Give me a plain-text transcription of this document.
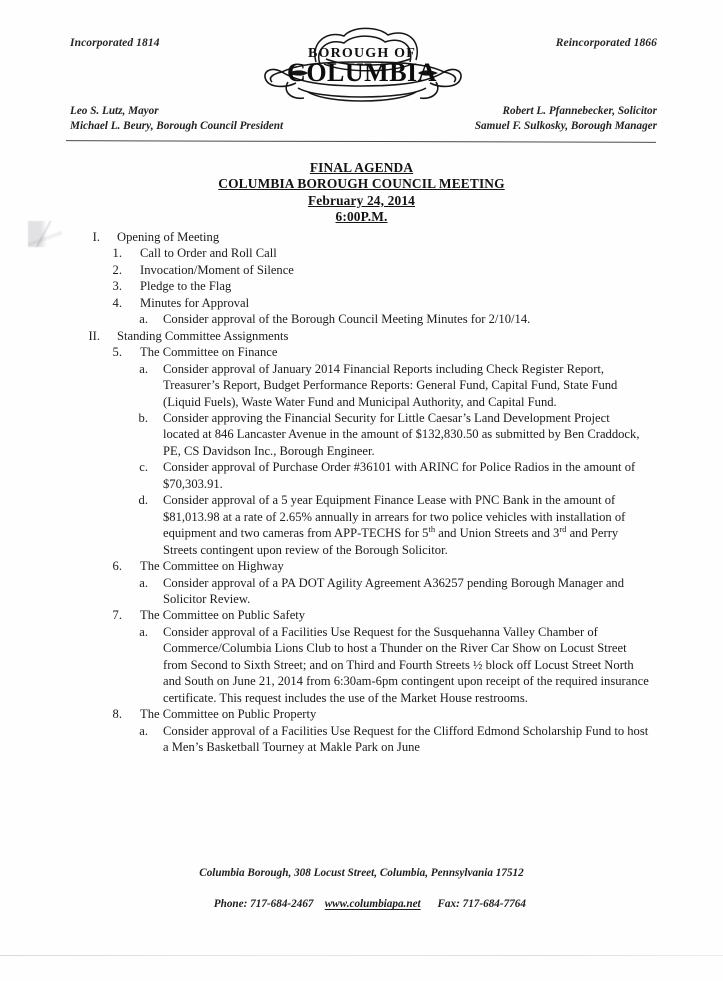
Incorporated 1814	Reincorporated 1866
BOROUGH OF
COLUMBIA
Leo S. Lutz, Mayor
Michael L. Beury, Borough Council President
Robert L. Pfannebecker, Solicitor
Samuel F. Sulkosky, Borough Manager
FINAL AGENDA
COLUMBIA BOROUGH COUNCIL MEETING
February 24, 2014
6:00P.M.
I. Opening of Meeting
1. Call to Order and Roll Call
2. Invocation/Moment of Silence
3. Pledge to the Flag
4. Minutes for Approval
a. Consider approval of the Borough Council Meeting Minutes for 2/10/14.
II. Standing Committee Assignments
5. The Committee on Finance
a. Consider approval of January 2014 Financial Reports including Check Register Report, Treasurer’s Report, Budget Performance Reports: General Fund, Capital Fund, State Fund (Liquid Fuels), Waste Water Fund and Municipal Authority, and Capital Fund.
b. Consider approving the Financial Security for Little Caesar’s Land Development Project located at 846 Lancaster Avenue in the amount of $132,830.50 as submitted by Ben Craddock, PE, CS Davidson Inc., Borough Engineer.
c. Consider approval of Purchase Order #36101 with ARINC for Police Radios in the amount of $70,303.91.
d. Consider approval of a 5 year Equipment Finance Lease with PNC Bank in the amount of $81,013.98 at a rate of 2.65% annually in arrears for two police vehicles with installation of equipment and two cameras from APP-TECHS for 5th and Union Streets and 3rd and Perry Streets contingent upon review of the Borough Solicitor.
6. The Committee on Highway
a. Consider approval of a PA DOT Agility Agreement A36257 pending Borough Manager and Solicitor Review.
7. The Committee on Public Safety
a. Consider approval of a Facilities Use Request for the Susquehanna Valley Chamber of Commerce/Columbia Lions Club to host a Thunder on the River Car Show on Locust Street from Second to Sixth Street; and on Third and Fourth Streets ½ block off Locust Street North and South on June 21, 2014 from 6:30am-6pm contingent upon receipt of the required insurance certificate. This request includes the use of the Market House restrooms.
8. The Committee on Public Property
a. Consider approval of a Facilities Use Request for the Clifford Edmond Scholarship Fund to host a Men’s Basketball Tourney at Makle Park on June
Columbia Borough, 308 Locust Street, Columbia, Pennsylvania 17512

Phone: 717-684-2467 www.columbiapa.net Fax: 717-684-7764
